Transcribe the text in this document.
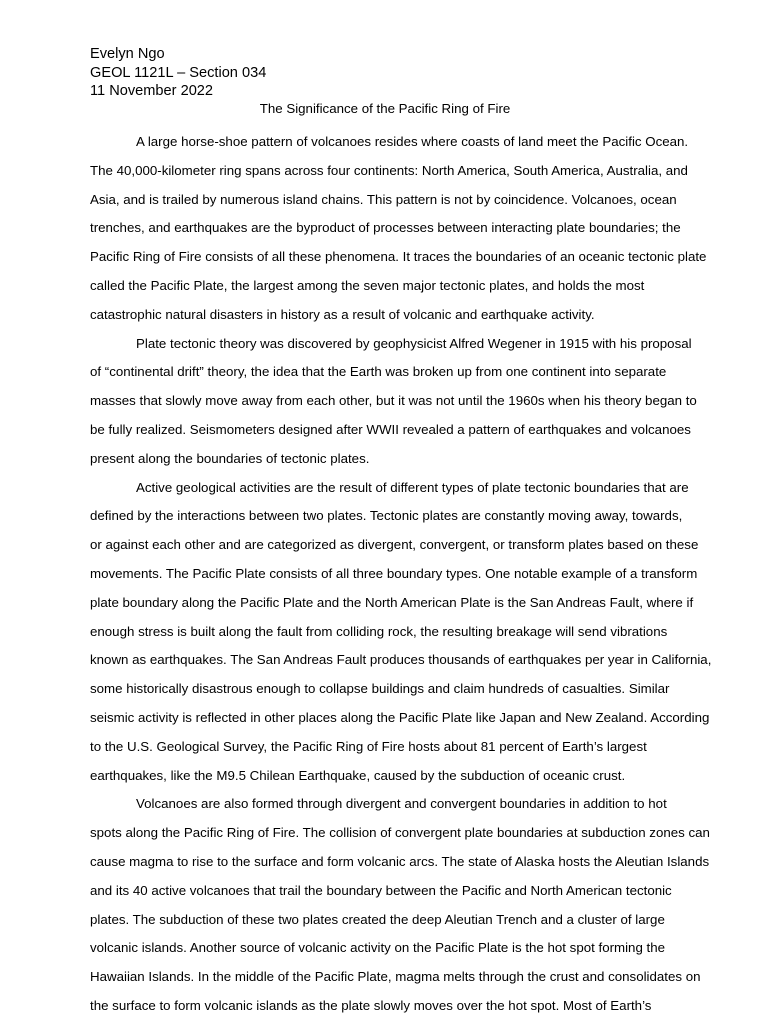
Evelyn Ngo
GEOL 1121L – Section 034
11 November 2022
The Significance of the Pacific Ring of Fire
A large horse-shoe pattern of volcanoes resides where coasts of land meet the Pacific Ocean.
The 40,000-kilometer ring spans across four continents: North America, South America, Australia, and
Asia, and is trailed by numerous island chains. This pattern is not by coincidence. Volcanoes, ocean
trenches, and earthquakes are the byproduct of processes between interacting plate boundaries; the
Pacific Ring of Fire consists of all these phenomena. It traces the boundaries of an oceanic tectonic plate
called the Pacific Plate, the largest among the seven major tectonic plates, and holds the most
catastrophic natural disasters in history as a result of volcanic and earthquake activity.
Plate tectonic theory was discovered by geophysicist Alfred Wegener in 1915 with his proposal
of “continental drift” theory, the idea that the Earth was broken up from one continent into separate
masses that slowly move away from each other, but it was not until the 1960s when his theory began to
be fully realized. Seismometers designed after WWII revealed a pattern of earthquakes and volcanoes
present along the boundaries of tectonic plates.
Active geological activities are the result of different types of plate tectonic boundaries that are
defined by the interactions between two plates. Tectonic plates are constantly moving away, towards,
or against each other and are categorized as divergent, convergent, or transform plates based on these
movements. The Pacific Plate consists of all three boundary types. One notable example of a transform
plate boundary along the Pacific Plate and the North American Plate is the San Andreas Fault, where if
enough stress is built along the fault from colliding rock, the resulting breakage will send vibrations
known as earthquakes. The San Andreas Fault produces thousands of earthquakes per year in California,
some historically disastrous enough to collapse buildings and claim hundreds of casualties. Similar
seismic activity is reflected in other places along the Pacific Plate like Japan and New Zealand. According
to the U.S. Geological Survey, the Pacific Ring of Fire hosts about 81 percent of Earth’s largest
earthquakes, like the M9.5 Chilean Earthquake, caused by the subduction of oceanic crust.
Volcanoes are also formed through divergent and convergent boundaries in addition to hot
spots along the Pacific Ring of Fire. The collision of convergent plate boundaries at subduction zones can
cause magma to rise to the surface and form volcanic arcs. The state of Alaska hosts the Aleutian Islands
and its 40 active volcanoes that trail the boundary between the Pacific and North American tectonic
plates. The subduction of these two plates created the deep Aleutian Trench and a cluster of large
volcanic islands. Another source of volcanic activity on the Pacific Plate is the hot spot forming the
Hawaiian Islands. In the middle of the Pacific Plate, magma melts through the crust and consolidates on
the surface to form volcanic islands as the plate slowly moves over the hot spot. Most of Earth’s
